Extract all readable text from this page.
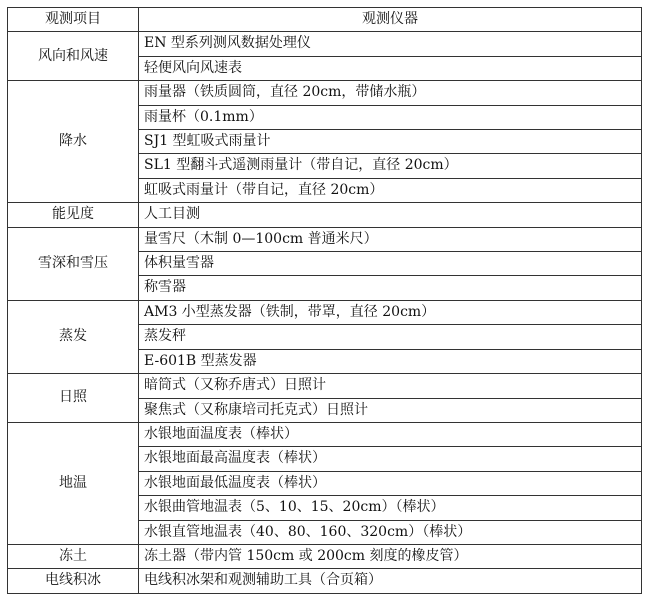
观测项目	观测仪器
风向和风速	EN 型系列测风数据处理仪
	轻便风向风速表
降水	雨量器（铁质圆筒，直径 20cm，带储水瓶）
	雨量杯（0.1mm）
	SJ1 型虹吸式雨量计
	SL1 型翻斗式遥测雨量计（带自记，直径 20cm）
	虹吸式雨量计（带自记，直径 20cm）
能见度	人工目测
雪深和雪压	量雪尺（木制 0—100cm 普通米尺）
	体积量雪器
	称雪器
蒸发	AM3 小型蒸发器（铁制，带罩，直径 20cm）
	蒸发秤
	E-601B 型蒸发器
日照	暗筒式（又称乔唐式）日照计
	聚焦式（又称康培司托克式）日照计
地温	水银地面温度表（棒状）
	水银地面最高温度表（棒状）
	水银地面最低温度表（棒状）
	水银曲管地温表（5、10、15、20cm）（棒状）
	水银直管地温表（40、80、160、320cm）（棒状）
冻土	冻土器（带内管 150cm 或 200cm 刻度的橡皮管）
电线积冰	电线积冰架和观测辅助工具（合页箱）
